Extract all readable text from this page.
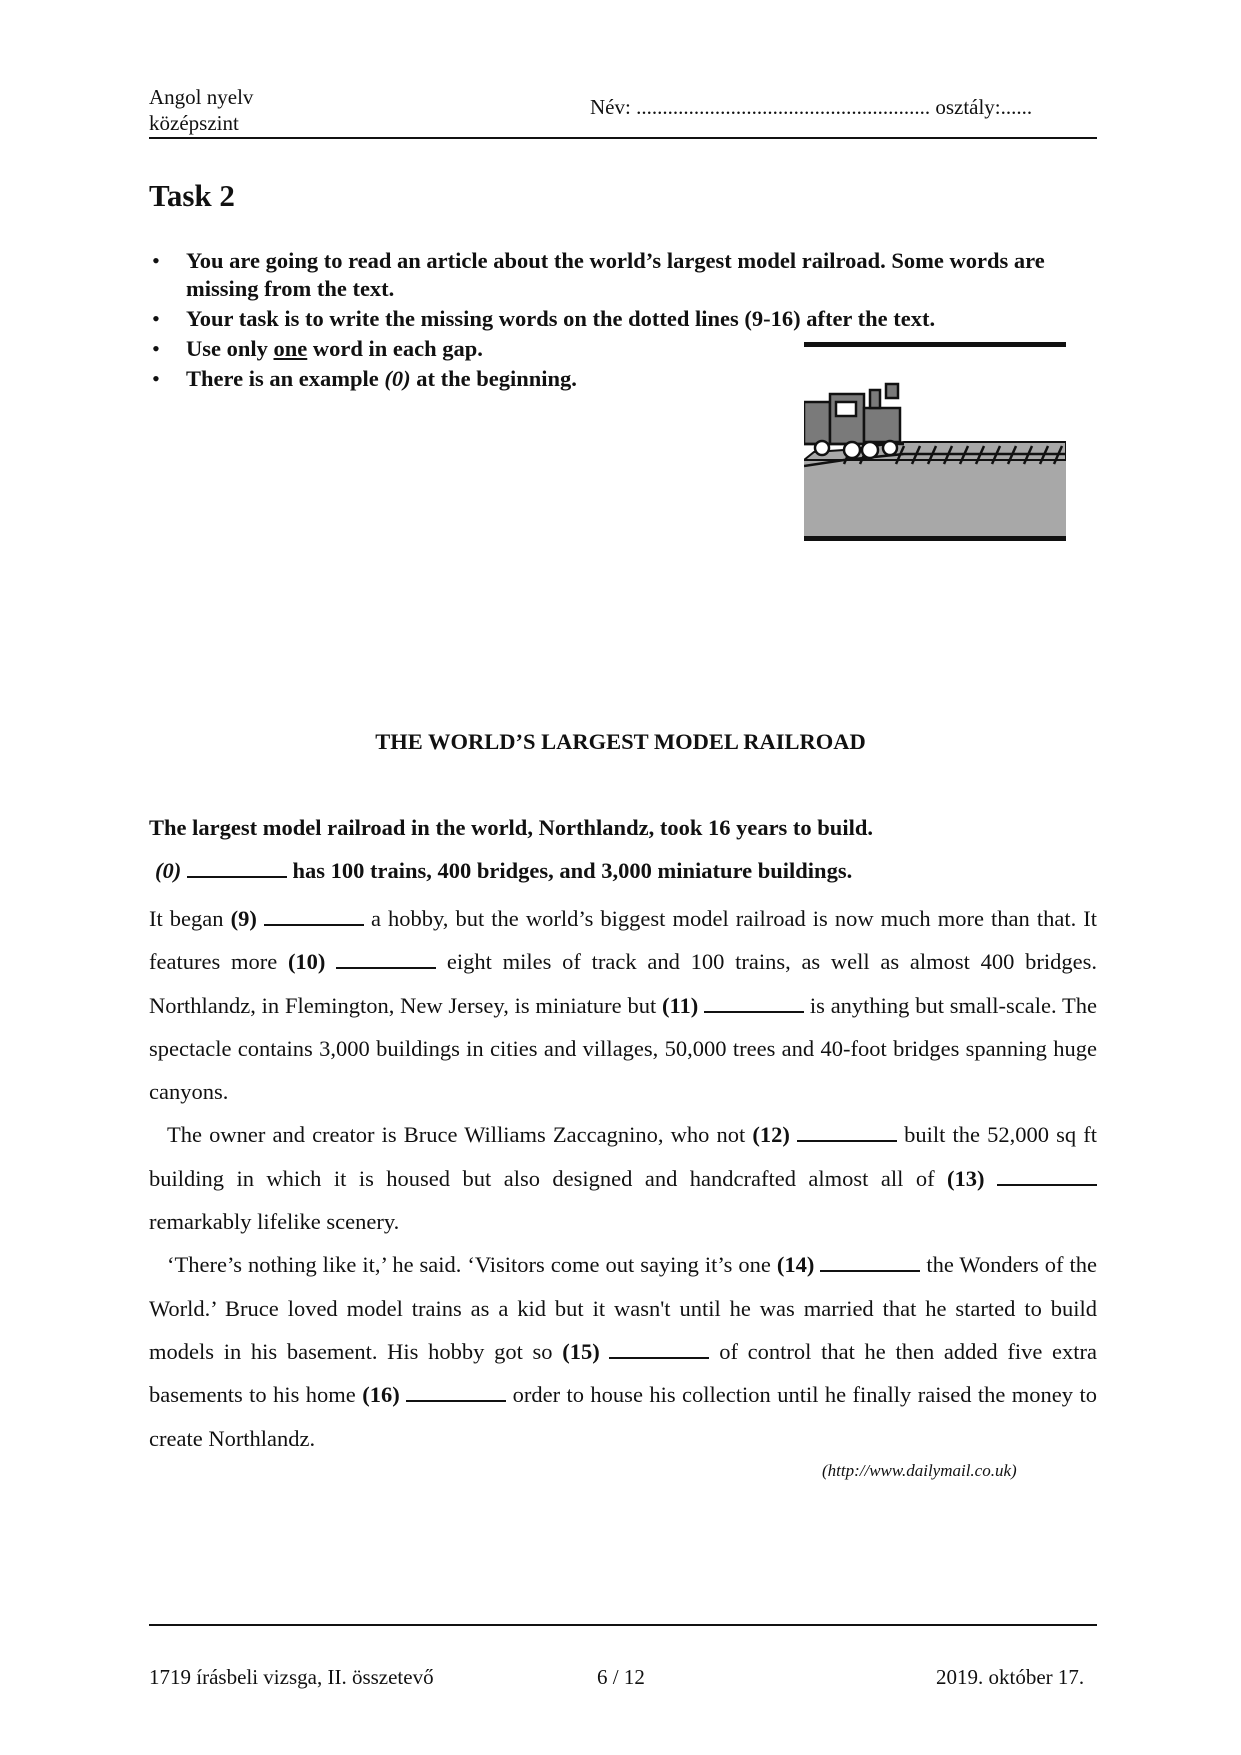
Angol nyelv
középszint
Név: ........................................................ osztály:......
Task 2
• You are going to read an article about the world’s largest model railroad. Some words are missing from the text.
• Your task is to write the missing words on the dotted lines (9-16) after the text.
• Use only one word in each gap.
• There is an example (0) at the beginning.
THE WORLD’S LARGEST MODEL RAILROAD
The largest model railroad in the world, Northlandz, took 16 years to build.
(0)	has 100 trains, 400 bridges, and 3,000 miniature buildings.

It began (9)	a hobby, but the world’s biggest model railroad is now much more than that. It features more (10)	eight miles of track and 100 trains, as well as almost 400 bridges. Northlandz, in Flemington, New Jersey, is miniature but (11)	is anything but small-scale. The spectacle contains 3,000 buildings in cities and villages, 50,000 trees and 40-foot bridges spanning huge canyons.

The owner and creator is Bruce Williams Zaccagnino, who not (12)	built the 52,000 sq ft building in which it is housed but also designed and handcrafted almost all of (13)  remarkably lifelike scenery.

‘There’s nothing like it,’ he said. ‘Visitors come out saying it’s one (14)	the Wonders of the World.’ Bruce loved model trains as a kid but it wasn't until he was married that he started to build models in his basement. His hobby got so (15)	of control that he then added five extra basements to his home (16)	order to house his collection until he finally raised the money to create Northlandz.

(http://www.dailymail.co.uk)
1719 írásbeli vizsga, II. összetevő	6 / 12	2019. október 17.
